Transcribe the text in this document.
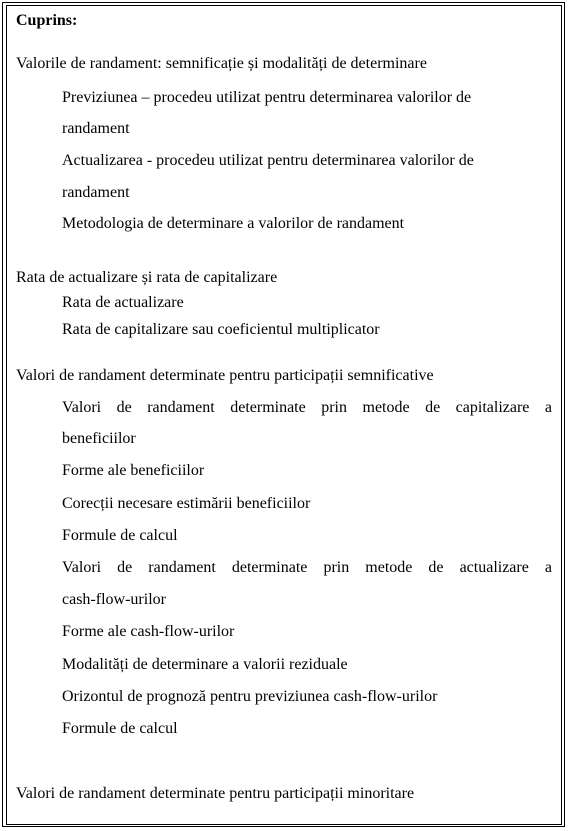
Cuprins:
Valorile de randament: semnificație și modalități de determinare
Previziunea – procedeu utilizat pentru determinarea valorilor de
randament
Actualizarea - procedeu utilizat pentru determinarea valorilor de
randament
Metodologia de determinare a valorilor de randament
Rata de actualizare și rata de capitalizare
Rata de actualizare
Rata de capitalizare sau coeficientul multiplicator
Valori de randament determinate pentru participații semnificative
Valori de randament determinate prin metode de capitalizare a
beneficiilor
Forme ale beneficiilor
Corecții necesare estimării beneficiilor
Formule de calcul
Valori de randament determinate prin metode de actualizare a
cash-flow-urilor
Forme ale cash-flow-urilor
Modalități de determinare a valorii reziduale
Orizontul de prognoză pentru previziunea cash-flow-urilor
Formule de calcul
Valori de randament determinate pentru participații minoritare
